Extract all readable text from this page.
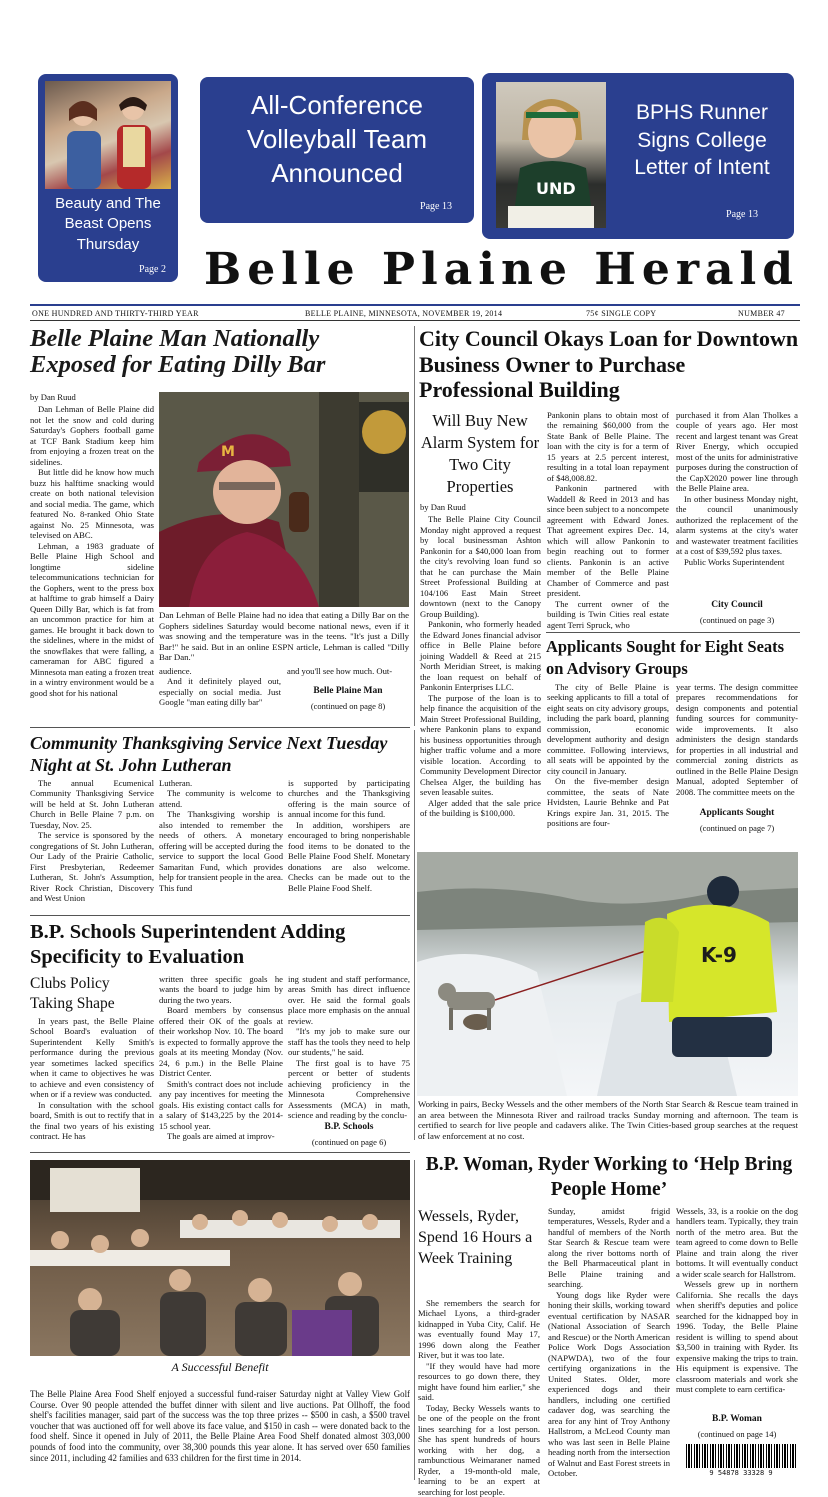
Beauty and The Beast Opens Thursday
Page 2
All-Conference Volleyball Team Announced
Page 13
UND
BPHS Runner Signs College Letter of Intent
Page 13
Belle Plaine Herald
ONE HUNDRED AND THIRTY-THIRD YEAR	BELLE PLAINE, MINNESOTA, NOVEMBER 19, 2014	75¢ SINGLE COPY	NUMBER 47
Belle Plaine Man Nationally Exposed for Eating Dilly Bar
by Dan Ruud

Dan Lehman of Belle Plaine did not let the snow and cold during Saturday's Gophers football game at TCF Bank Stadium keep him from enjoying a frozen treat on the sidelines.

But little did he know how much buzz his halftime snacking would create on both national television and social media. The game, which featured No. 8-ranked Ohio State against No. 25 Minnesota, was televised on ABC.

Lehman, a 1983 graduate of Belle Plaine High School and longtime sideline telecommunications technician for the Gophers, went to the press box at halftime to grab himself a Dairy Queen Dilly Bar, which is fat from an uncommon practice for him at games. He brought it back down to the sidelines, where in the midst of the snowflakes that were falling, a cameraman for ABC figured a Minnesota man eating a frozen treat in a wintry environment would be a good shot for his national

M
Dan Lehman of Belle Plaine had no idea that eating a Dilly Bar on the Gophers sidelines Saturday would become national news, even if it was snowing and the temperature was in the teens. "It's just a Dilly Bar!" he said. But in an online ESPN article, Lehman is called "Dilly Bar Dan."

audience.

And it definitely played out, especially on social media. Just Google "man eating dilly bar"

and you'll see how much. Out-

Belle Plaine Man
(continued on page 8)
City Council Okays Loan for Downtown Business Owner to Purchase Professional Building
Will Buy New Alarm System for Two City Properties
by Dan Ruud

The Belle Plaine City Council Monday night approved a request by local businessman Ashton Pankonin for a $40,000 loan from the city's revolving loan fund so that he can purchase the Main Street Professional Building at 104/106 East Main Street downtown (next to the Canopy Group Building).

Pankonin, who formerly headed the Edward Jones financial advisor office in Belle Plaine before joining Waddell & Reed at 215 North Meridian Street, is making the loan request on behalf of Pankonin Enterprises LLC.

The purpose of the loan is to help finance the acquisition of the Main Street Professional Building, where Pankonin plans to expand his business opportunities through higher traffic volume and a more visible location. According to Community Development Director Chelsea Alger, the building has seven leasable suites.

Alger added that the sale price of the building is $100,000.

Pankonin plans to obtain most of the remaining $60,000 from the State Bank of Belle Plaine. The loan with the city is for a term of 15 years at 2.5 percent interest, resulting in a total loan repayment of $48,008.82.

Pankonin partnered with Waddell & Reed in 2013 and has since been subject to a noncompete agreement with Edward Jones. That agreement expires Dec. 14, which will allow Pankonin to begin reaching out to former clients. Pankonin is an active member of the Belle Plaine Chamber of Commerce and past president.

The current owner of the building is Twin Cities real estate agent Terri Spruck, who

purchased it from Alan Tholkes a couple of years ago. Her most recent and largest tenant was Great River Energy, which occupied most of the units for administrative purposes during the construction of the CapX2020 power line through the Belle Plaine area.

In other business Monday night, the council unanimously authorized the replacement of the alarm systems at the city's water and wastewater treatment facilities at a cost of $39,592 plus taxes.

Public Works Superintendent

City Council
(continued on page 3)
Applicants Sought for Eight Seats on Advisory Groups

The city of Belle Plaine is seeking applicants to fill a total of eight seats on city advisory groups, including the park board, planning commission, economic development authority and design committee. Following interviews, all seats will be appointed by the city council in January.

On the five-member design committee, the seats of Nate Hvidsten, Laurie Behnke and Pat Krings expire Jan. 31, 2015. The positions are four-

year terms. The design committee prepares recommendations for design components and potential funding sources for community-wide improvements. It also administers the design standards for properties in all industrial and commercial zoning districts as outlined in the Belle Plaine Design Manual, adopted September of 2008. The committee meets on the

Applicants Sought
(continued on page 7)
Community Thanksgiving Service Next Tuesday Night at St. John Lutheran

The annual Ecumenical Community Thanksgiving Service will be held at St. John Lutheran Church in Belle Plaine 7 p.m. on Tuesday, Nov. 25.

The service is sponsored by the congregations of St. John Lutheran, Our Lady of the Prairie Catholic, First Presbyterian, Redeemer Lutheran, St. John's Assumption, River Rock Christian, Discovery and West Union

Lutheran.

The community is welcome to attend.

The Thanksgiving worship is also intended to remember the needs of others. A monetary offering will be accepted during the service to support the local Good Samaritan Fund, which provides help for transient people in the area. This fund

is supported by participating churches and the Thanksgiving offering is the main source of annual income for this fund.

In addition, worshipers are encouraged to bring nonperishable food items to be donated to the Belle Plaine Food Shelf. Monetary donations are also welcome. Checks can be made out to the Belle Plaine Food Shelf.

B.P. Schools Superintendent Adding Specificity to Evaluation
Clubs Policy Taking Shape

In years past, the Belle Plaine School Board's evaluation of Superintendent Kelly Smith's performance during the previous year sometimes lacked specifics when it came to objectives he was to achieve and even consistency of when or if a review was conducted.

In consultation with the school board, Smith is out to rectify that in the final two years of his existing contract. He has

written three specific goals he wants the board to judge him by during the two years.

Board members by consensus offered their OK of the goals at their workshop Nov. 10. The board is expected to formally approve the goals at its meeting Monday (Nov. 24, 6 p.m.) in the Belle Plaine District Center.

Smith's contract does not include any pay incentives for meeting the goals. His existing contact calls for a salary of $143,225 by the 2014-15 school year.

The goals are aimed at improv-

ing student and staff performance, areas Smith has direct influence over. He said the formal goals place more emphasis on the annual review.

"It's my job to make sure our staff has the tools they need to help our students," he said.

The first goal is to have 75 percent or better of students achieving proficiency in the Minnesota Comprehensive Assessments (MCA) in math, science and reading by the conclu-

B.P. Schools
(continued on page 6)
K-9
Working in pairs, Becky Wessels and the other members of the North Star Search & Rescue team trained in an area between the Minnesota River and railroad tracks Sunday morning and afternoon. The team is certified to search for live people and cadavers alike. The Twin Cities-based group searches at the request of law enforcement at no cost.
A Successful Benefit
The Belle Plaine Area Food Shelf enjoyed a successful fund-raiser Saturday night at Valley View Golf Course. Over 90 people attended the buffet dinner with silent and live auctions. Pat Ollhoff, the food shelf's facilities manager, said part of the success was the top three prizes -- $500 in cash, a $500 travel voucher that was auctioned off for well above its face value, and $150 in cash -- were donated back to the food shelf. Since it opened in July of 2011, the Belle Plaine Area Food Shelf donated almost 303,000 pounds of food into the community, over 38,300 pounds this year alone. It has served over 650 families since 2011, including 42 families and 633 children for the first time in 2014.
B.P. Woman, Ryder Working to ‘Help Bring People Home’
Wessels, Ryder, Spend 16 Hours a Week Training

She remembers the search for Michael Lyons, a third-grader kidnapped in Yuba City, Calif. He was eventually found May 17, 1996 down along the Feather River, but it was too late.

"If they would have had more resources to go down there, they might have found him earlier," she said.

Today, Becky Wessels wants to be one of the people on the front lines searching for a lost person. She has spent hundreds of hours working with her dog, a rambunctious Weimaraner named Ryder, a 19-month-old male, learning to be an expert at searching for lost people.

Sunday, amidst frigid temperatures, Wessels, Ryder and a handful of members of the North Star Search & Rescue team were along the river bottoms north of the Bell Pharmaceutical plant in Belle Plaine training and searching.

Young dogs like Ryder were honing their skills, working toward eventual certification by NASAR (National Association of Search and Rescue) or the North American Police Work Dogs Association (NAPWDA), two of the four certifying organizations in the United States. Older, more experienced dogs and their handlers, including one certified cadaver dog, was searching the area for any hint of Troy Anthony Hallstrom, a McLeod County man who was last seen in Belle Plaine heading north from the intersection of Walnut and East Forest streets in October.

Wessels, 33, is a rookie on the dog handlers team. Typically, they train north of the metro area. But the team agreed to come down to Belle Plaine and train along the river bottoms. It will eventually conduct a wider scale search for Hallstrom.

Wessels grew up in northern California. She recalls the days when sheriff's deputies and police searched for the kidnapped boy in 1996. Today, the Belle Plaine resident is willing to spend about $3,500 in training with Ryder. Its expensive making the trips to train. His equipment is expensive. The classroom materials and work she must complete to earn certifica-

B.P. Woman
(continued on page 14)
9 54878 33328 9
